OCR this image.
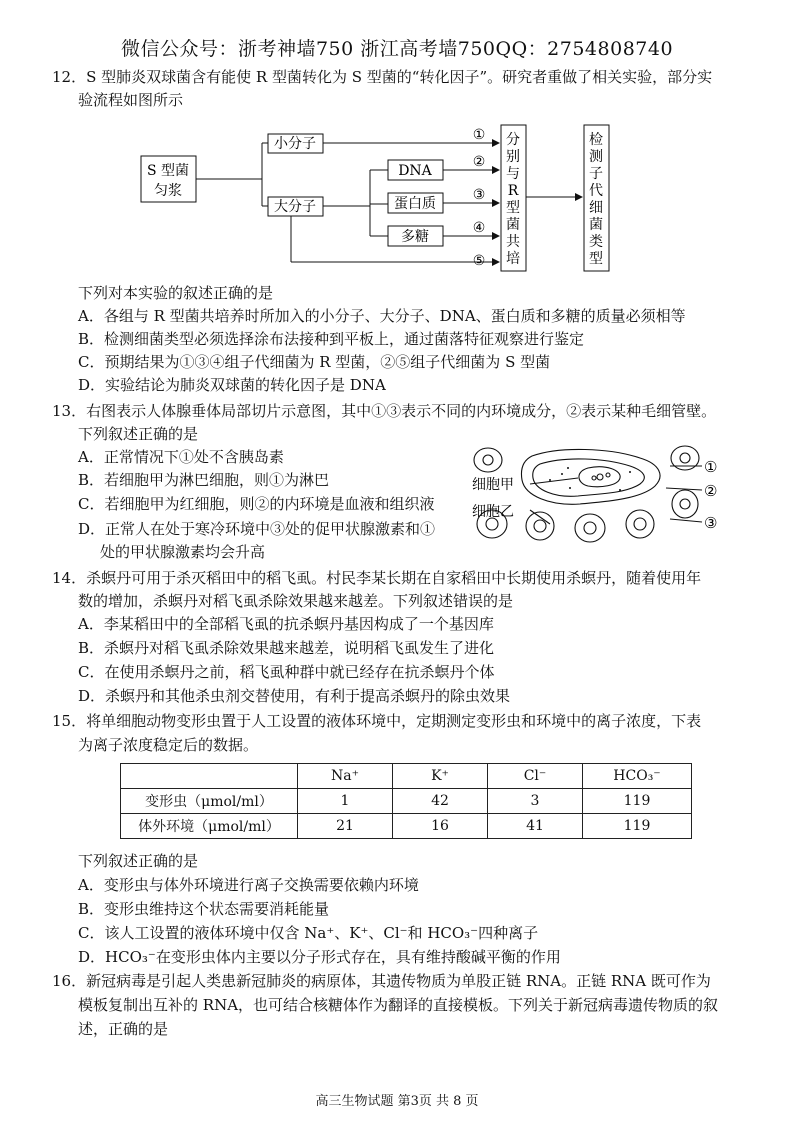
微信公众号：浙考神墙750 浙江高考墙750QQ：2754808740
12．S 型肺炎双球菌含有能使 R 型菌转化为 S 型菌的“转化因子”。研究者重做了相关实验，部分实
验流程如图所示
S 型菌
匀浆
小分子
大分子
DNA
蛋白质
多糖
①
②
③
④
⑤
分
别
与
R
型
菌
共
培
检
测
子
代
细
菌
类
型
下列对本实验的叙述正确的是
A．各组与 R 型菌共培养时所加入的小分子、大分子、DNA、蛋白质和多糖的质量必须相等
B．检测细菌类型必须选择涂布法接种到平板上，通过菌落特征观察进行鉴定
C．预期结果为①③④组子代细菌为 R 型菌，②⑤组子代细菌为 S 型菌
D．实验结论为肺炎双球菌的转化因子是 DNA
13．右图表示人体腺垂体局部切片示意图，其中①③表示不同的内环境成分，②表示某种毛细管壁。
下列叙述正确的是
A．正常情况下①处不含胰岛素
B．若细胞甲为淋巴细胞，则①为淋巴
C．若细胞甲为红细胞，则②的内环境是血液和组织液
D．正常人在处于寒冷环境中③处的促甲状腺激素和①
处的甲状腺激素均会升高
细胞甲
细胞乙
①
②
③
14．杀螟丹可用于杀灭稻田中的稻飞虱。村民李某长期在自家稻田中长期使用杀螟丹，随着使用年
数的增加，杀螟丹对稻飞虱杀除效果越来越差。下列叙述错误的是
A．李某稻田中的全部稻飞虱的抗杀螟丹基因构成了一个基因库
B．杀螟丹对稻飞虱杀除效果越来越差，说明稻飞虱发生了进化
C．在使用杀螟丹之前，稻飞虱种群中就已经存在抗杀螟丹个体
D．杀螟丹和其他杀虫剂交替使用，有利于提高杀螟丹的除虫效果
15．将单细胞动物变形虫置于人工设置的液体环境中，定期测定变形虫和环境中的离子浓度，下表
为离子浓度稳定后的数据。
	Na⁺	K⁺	Cl⁻	HCO₃⁻
变形虫（μmol/ml）	1	42	3	119
体外环境（μmol/ml）	21	16	41	119
下列叙述正确的是
A．变形虫与体外环境进行离子交换需要依赖内环境
B．变形虫维持这个状态需要消耗能量
C．该人工设置的液体环境中仅含 Na⁺、K⁺、Cl⁻和 HCO₃⁻四种离子
D．HCO₃⁻在变形虫体内主要以分子形式存在，具有维持酸碱平衡的作用
16．新冠病毒是引起人类患新冠肺炎的病原体，其遗传物质为单股正链 RNA。正链 RNA 既可作为
模板复制出互补的 RNA，也可结合核糖体作为翻译的直接模板。下列关于新冠病毒遗传物质的叙
述，正确的是
高三生物试题 第3页 共 8 页
